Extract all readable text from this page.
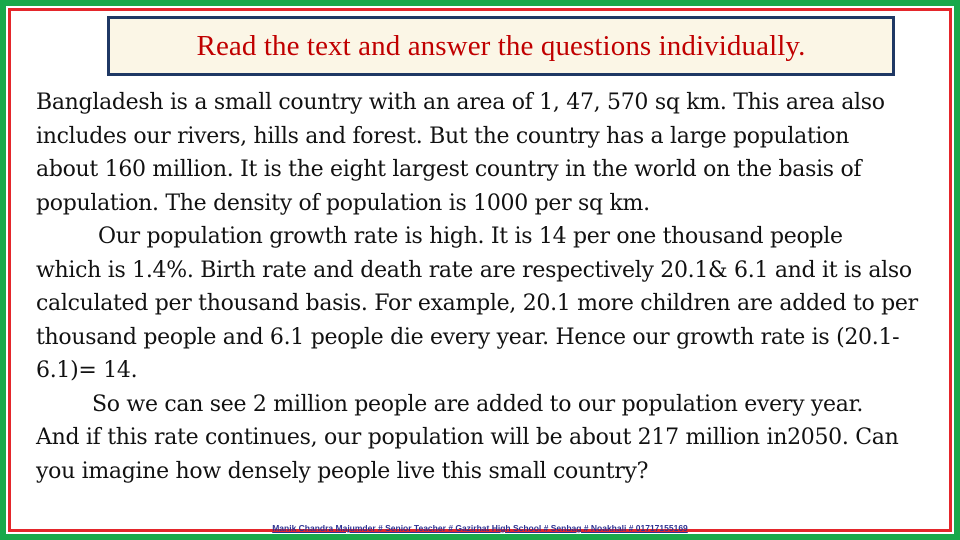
Read the text and answer the questions individually.
Bangladesh is a small country with an area of 1, 47, 570 sq km. This area also
includes our rivers, hills and forest. But the country has a large population
about 160 million. It is the eight largest country in the world on the basis of
population. The density of population is 1000 per sq km.
Our population growth rate is high. It is 14 per one thousand people
which is 1.4%. Birth rate and death rate are respectively 20.1& 6.1 and it is also
calculated per thousand basis. For example, 20.1 more children are added to per
thousand people and 6.1 people die every year. Hence our growth rate is (20.1-
6.1)= 14.
So we can see 2 million people are added to our population every year.
And if this rate continues, our population will be about 217 million in2050. Can
you imagine how densely people live this small country?
Manik Chandra Majumder # Senior Teacher # Gazirhat High School # Senbag # Noakhali # 01717155169
